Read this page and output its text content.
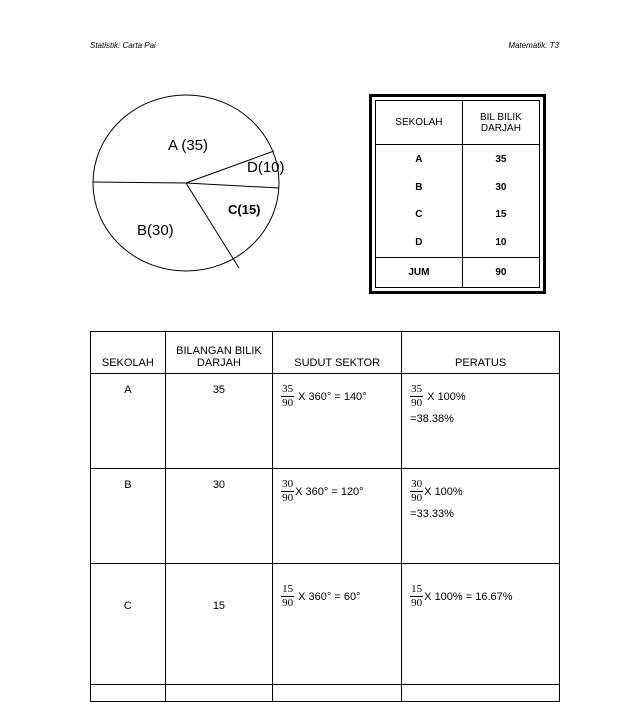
Statistik: Carta Pai	Matematik: T3
A (35)
D(10)
C(15)
B(30)
SEKOLAH	BIL BILIK
DARJAH
A	35
B	30
C	15
D	10
JUM	90
SEKOLAH	BILANGAN BILIK
DARJAH	SUDUT SEKTOR	PERATUS

A	35	$\frac{35}{90}$ X 360° = 140°	$\frac{35}{90}$ X 100%
=38.38%

B	30	$\frac{30}{90}$ X 360° = 120°	$\frac{30}{90}$ X 100%
=33.33%

C	15	$\frac{15}{90}$ X 360° = 60°	$\frac{15}{90}$ X 100% = 16.67%
